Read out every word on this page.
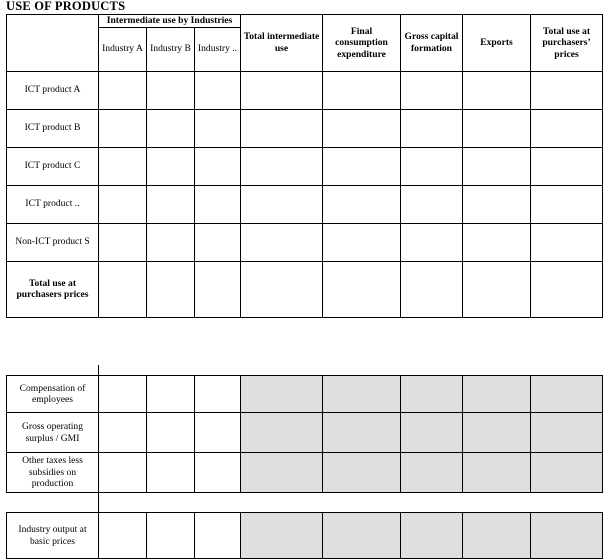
USE OF PRODUCTS
	Intermediate use by Industries			Total intermediate use	Final consumption expenditure	Gross capital formation	Exports	Total use at purchasers’ prices
	Industry A	Industry B	Industry ..					
ICT product A								
ICT product B								
ICT product C								
ICT product ..								
Non-ICT product S								
Total use at purchasers prices								
Compensation of employees								
Gross operating surplus / GMI								
Other taxes less subsidies on production								
Industry output at basic prices								
